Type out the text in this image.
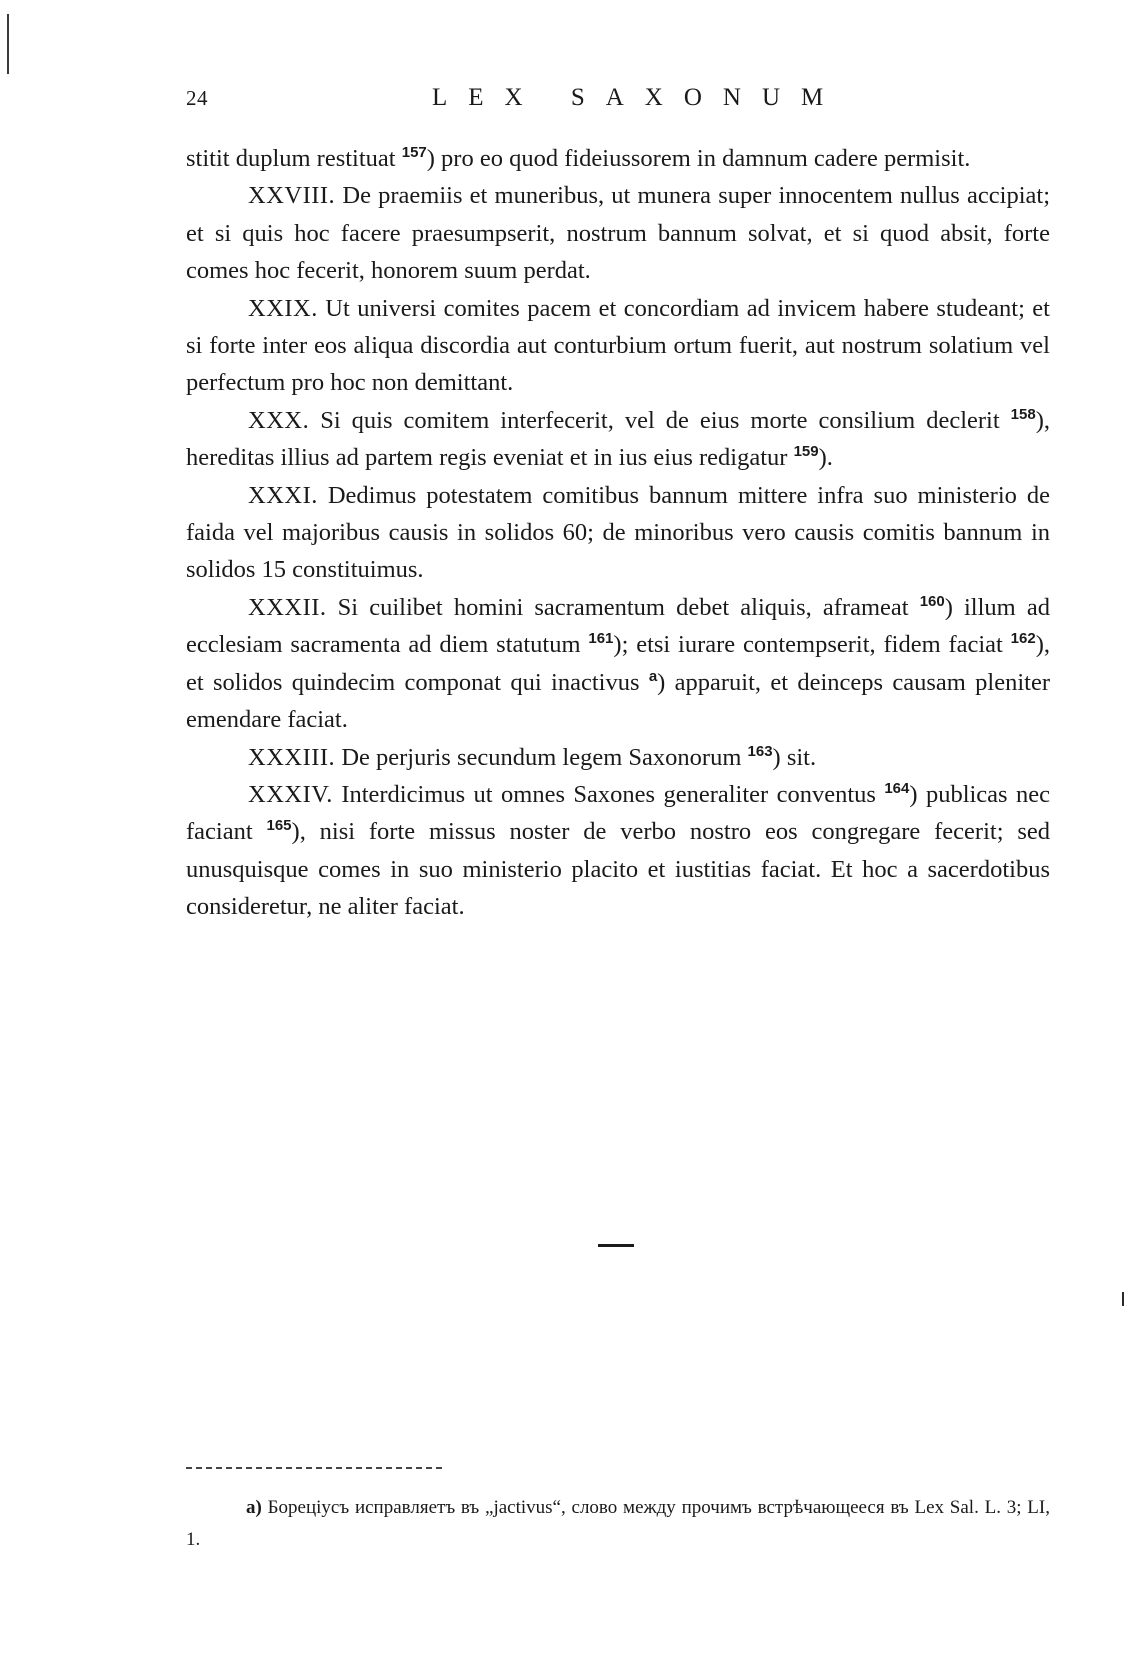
24	LEX SAXONUM

stitit duplum restituat $^{157}$) pro eo quod fideiussorem in damnum cadere permisit.

XXVIII. De praemiis et muneribus, ut munera super innocentem nullus accipiat; et si quis hoc facere praesumpserit, nostrum bannum solvat, et si quod absit, forte comes hoc fecerit, honorem suum perdat.

XXIX. Ut universi comites pacem et concordiam ad invicem habere studeant; et si forte inter eos aliqua discordia aut conturbium ortum fuerit, aut nostrum solatium vel perfectum pro hoc non demittant.

XXX. Si quis comitem interfecerit, vel de eius morte consilium declerit $^{158}$), hereditas illius ad partem regis eveniat et in ius eius redigatur $^{159}$).

XXXI. Dedimus potestatem comitibus bannum mittere infra suo ministerio de faida vel majoribus causis in solidos 60; de minoribus vero causis comitis bannum in solidos 15 constituimus.

XXXII. Si cuilibet homini sacramentum debet aliquis, aframeat $^{160}$) illum ad ecclesiam sacramenta ad diem statutum $^{161}$); etsi iurare contempserit, fidem faciat $^{162}$), et solidos quindecim componat qui inactivus $^a$) apparuit, et deinceps causam pleniter emendare faciat.

XXXIII. De perjuris secundum legem Saxonorum $^{163}$) sit.

XXXIV. Interdicimus ut omnes Saxones generaliter conventus $^{164}$) publicas nec faciant $^{165}$), nisi forte missus noster de verbo nostro eos congregare fecerit; sed unusquisque comes in suo ministerio placito et iustitias faciat. Et hoc a sacerdotibus consideretur, ne aliter faciat.

a) Борецiусъ исправляетъ въ „jactivus“, слово между прочимъ встрѣчающееся въ Lex Sal. L. 3; LI, 1.
